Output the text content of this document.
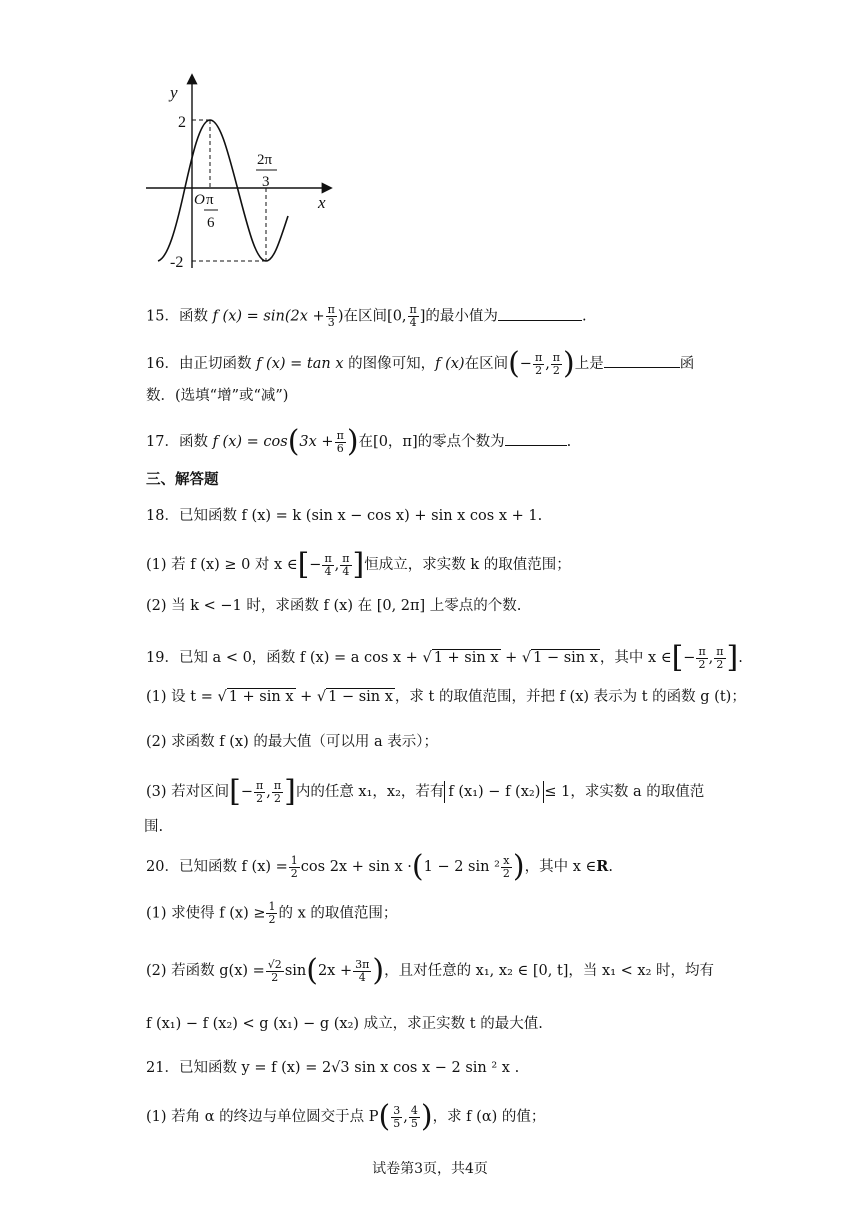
y
x
2
-2
O π
6
2π
3
15．函数 f $(x) = \sin(2x + \frac{\pi}{3}$ )在区间[0, $\frac{\pi}{4}$ ]的最小值为	.
16．由正切函数 f (x) = tan x 的图像可知，f (x)在区间(− $\frac{\pi}{2}$ , $\frac{\pi}{2}$ )上是	函
数．(选填“增”或“减”)
17．函数 f $(x) = \cos(3x + \frac{\pi}{6}$ )在[0，π]的零点个数为	.
三、解答题
18．已知函数 f (x) = k (sin x − cos x) + sin x cos x + 1.
(1) 若 f (x) ≥ 0 对 x ∈[− $\frac{\pi}{4}$ , $\frac{\pi}{4}$ ]恒成立，求实数 k 的取值范围；
(2) 当 k < −1 时，求函数 f (x) 在 [0, 2π] 上零点的个数.
19．已知 a < 0，函数 f (x) = a cos x + √ 1 + sin x + √ 1 − sin x ，其中 x ∈[− $\frac{\pi}{2}$ , $\frac{\pi}{2}$ ].
(1) 设 t = √ 1 + sin x + √ 1 − sin x ，求 t 的取值范围，并把 f (x) 表示为 t 的函数 g (t)；
(2) 求函数 f (x) 的最大值（可以用 a 表示）；
(3) 若对区间[− $\frac{\pi}{2}$ , $\frac{\pi}{2}$ ]内的任意 x₁，x₂，若有 f (x₁) − f (x₂) ≤ 1，求实数 a 的取值范
围.
20．已知函数 f $(x) = \frac{1}{2}$ cos 2x + sin x ·(1 − 2 $\sin ^2 \frac{x}{2}$ )，其中 x ∈R.
(1) 求使得 f $(x) \ge \frac{1}{2}$ 的 x 的取值范围；
(2) 若函数 $g(x) = \frac{√2}{2} \sin(2x + \frac{3\pi}{4}$ )，且对任意的 x₁, x₂ ∈ [0, t]，当 x₁ < x₂ 时，均有
f (x₁) − f (x₂) < g (x₁) − g (x₂) 成立，求正实数 t 的最大值.
21．已知函数 y = f (x) = 2√3 sin x cos x − 2 sin ² x .
(1) 若角 α 的终边与单位圆交于点 $P( \frac{3}{5}$ , $\frac{4}{5}$ )，求 f (α) 的值；
试卷第3页，共4页
